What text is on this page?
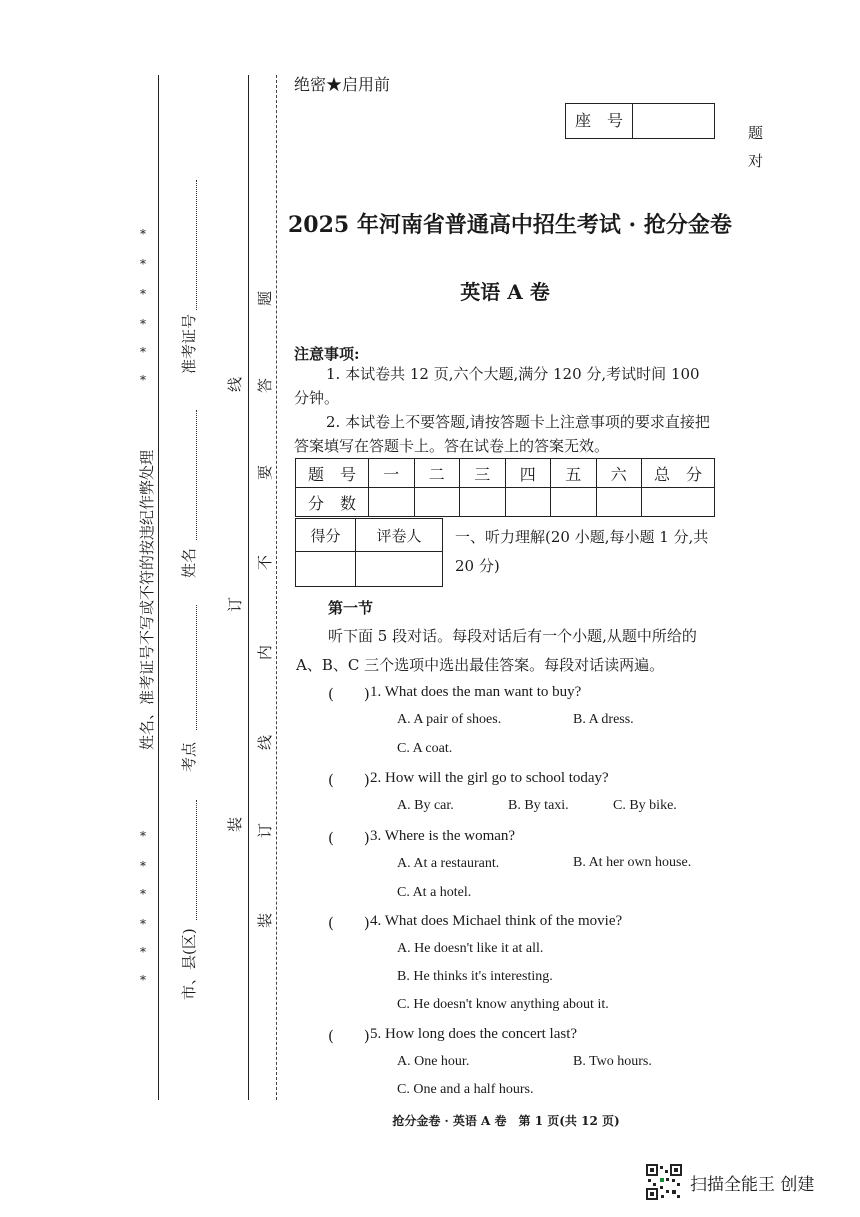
*
*
*
*
*
*
*
*
*
*
*
*
姓名、准考证号不写或不符的按违纪作弊处理
准考证号
姓名
考点
市、县(区)
线
订
装
题
答
要
不
内
线
订
装
绝密★启用前
座　号
题
对
2025 年河南省普通高中招生考试 · 抢分金卷
英语 A 卷
注意事项:
1. 本试卷共 12 页,六个大题,满分 120 分,考试时间 100 分钟。
2. 本试卷上不要答题,请按答题卡上注意事项的要求直接把答案填写在答题卡上。答在试卷上的答案无效。
题　号	一	二	三	四	五	六	总　分
分　数							
得分	评卷人
	一、听力理解(20 小题,每小题 1 分,共 20 分)
第一节
听下面 5 段对话。每段对话后有一个小题,从题中所给的 A、B、C 三个选项中选出最佳答案。每段对话读两遍。
(　　) 1. What does the man want to buy?
A. A pair of shoes.	B. A dress.
C. A coat.
(　　) 2. How will the girl go to school today?
A. By car.	B. By taxi.	C. By bike.
(　　) 3. Where is the woman?
A. At a restaurant.	B. At her own house.
C. At a hotel.
(　　) 4. What does Michael think of the movie?
A. He doesn't like it at all.
B. He thinks it's interesting.
C. He doesn't know anything about it.
(　　) 5. How long does the concert last?
A. One hour.	B. Two hours.
C. One and a half hours.
抢分金卷 · 英语 A 卷　第 1 页(共 12 页)
扫描全能王 创建
